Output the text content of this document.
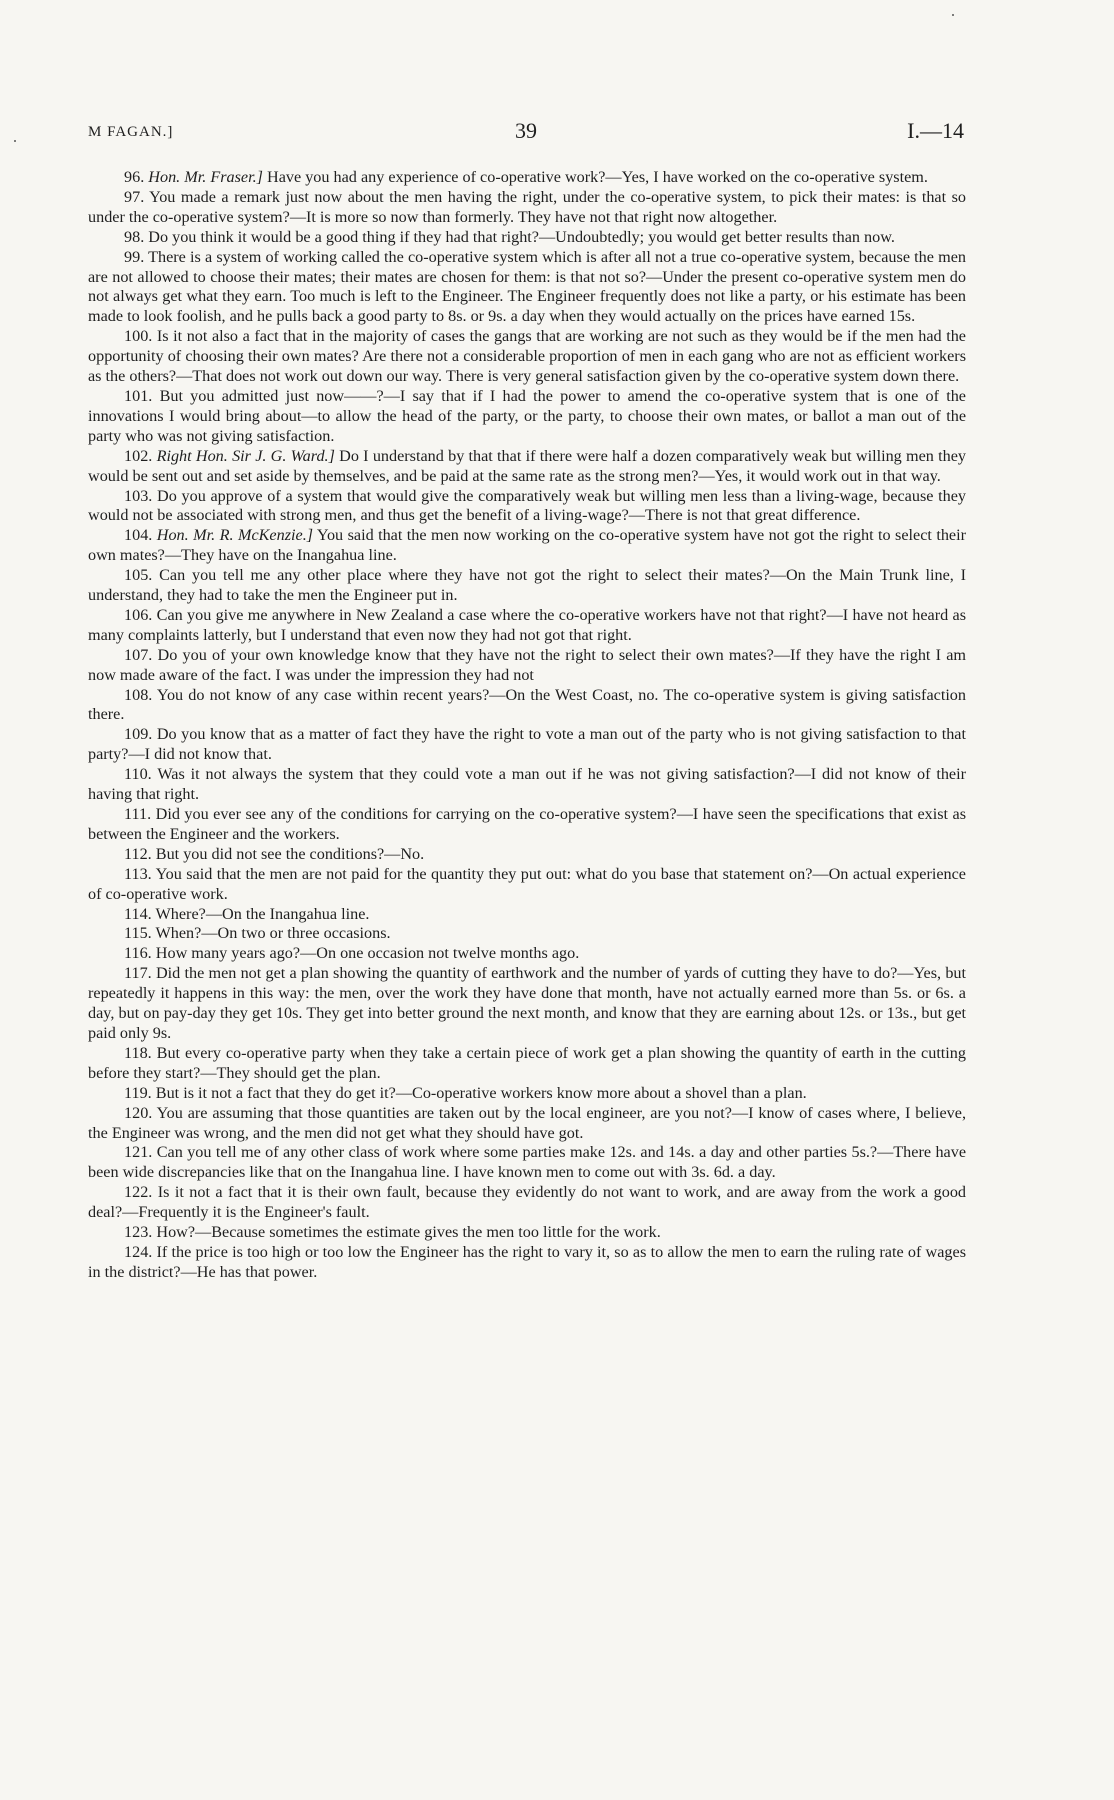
M FAGAN.]	39	I.—14

96. Hon. Mr. Fraser.] Have you had any experience of co-operative work?—Yes, I have worked on the co-operative system.

97. You made a remark just now about the men having the right, under the co-operative system, to pick their mates: is that so under the co-operative system?—It is more so now than formerly. They have not that right now altogether.

98. Do you think it would be a good thing if they had that right?—Undoubtedly; you would get better results than now.

99. There is a system of working called the co-operative system which is after all not a true co-operative system, because the men are not allowed to choose their mates; their mates are chosen for them: is that not so?—Under the present co-operative system men do not always get what they earn. Too much is left to the Engineer. The Engineer frequently does not like a party, or his estimate has been made to look foolish, and he pulls back a good party to 8s. or 9s. a day when they would actually on the prices have earned 15s.

100. Is it not also a fact that in the majority of cases the gangs that are working are not such as they would be if the men had the opportunity of choosing their own mates? Are there not a considerable proportion of men in each gang who are not as efficient workers as the others?—That does not work out down our way. There is very general satisfaction given by the co-operative system down there.

101. But you admitted just now——?—I say that if I had the power to amend the co-operative system that is one of the innovations I would bring about—to allow the head of the party, or the party, to choose their own mates, or ballot a man out of the party who was not giving satisfaction.

102. Right Hon. Sir J. G. Ward.] Do I understand by that that if there were half a dozen comparatively weak but willing men they would be sent out and set aside by themselves, and be paid at the same rate as the strong men?—Yes, it would work out in that way.

103. Do you approve of a system that would give the comparatively weak but willing men less than a living-wage, because they would not be associated with strong men, and thus get the benefit of a living-wage?—There is not that great difference.

104. Hon. Mr. R. McKenzie.] You said that the men now working on the co-operative system have not got the right to select their own mates?—They have on the Inangahua line.

105. Can you tell me any other place where they have not got the right to select their mates?—On the Main Trunk line, I understand, they had to take the men the Engineer put in.

106. Can you give me anywhere in New Zealand a case where the co-operative workers have not that right?—I have not heard as many complaints latterly, but I understand that even now they had not got that right.

107. Do you of your own knowledge know that they have not the right to select their own mates?—If they have the right I am now made aware of the fact. I was under the impression they had not

108. You do not know of any case within recent years?—On the West Coast, no. The co-operative system is giving satisfaction there.

109. Do you know that as a matter of fact they have the right to vote a man out of the party who is not giving satisfaction to that party?—I did not know that.

110. Was it not always the system that they could vote a man out if he was not giving satisfaction?—I did not know of their having that right.

111. Did you ever see any of the conditions for carrying on the co-operative system?—I have seen the specifications that exist as between the Engineer and the workers.

112. But you did not see the conditions?—No.

113. You said that the men are not paid for the quantity they put out: what do you base that statement on?—On actual experience of co-operative work.

114. Where?—On the Inangahua line.

115. When?—On two or three occasions.

116. How many years ago?—On one occasion not twelve months ago.

117. Did the men not get a plan showing the quantity of earthwork and the number of yards of cutting they have to do?—Yes, but repeatedly it happens in this way: the men, over the work they have done that month, have not actually earned more than 5s. or 6s. a day, but on pay-day they get 10s. They get into better ground the next month, and know that they are earning about 12s. or 13s., but get paid only 9s.

118. But every co-operative party when they take a certain piece of work get a plan showing the quantity of earth in the cutting before they start?—They should get the plan.

119. But is it not a fact that they do get it?—Co-operative workers know more about a shovel than a plan.

120. You are assuming that those quantities are taken out by the local engineer, are you not?—I know of cases where, I believe, the Engineer was wrong, and the men did not get what they should have got.

121. Can you tell me of any other class of work where some parties make 12s. and 14s. a day and other parties 5s.?—There have been wide discrepancies like that on the Inangahua line. I have known men to come out with 3s. 6d. a day.

122. Is it not a fact that it is their own fault, because they evidently do not want to work, and are away from the work a good deal?—Frequently it is the Engineer's fault.

123. How?—Because sometimes the estimate gives the men too little for the work.

124. If the price is too high or too low the Engineer has the right to vary it, so as to allow the men to earn the ruling rate of wages in the district?—He has that power.
